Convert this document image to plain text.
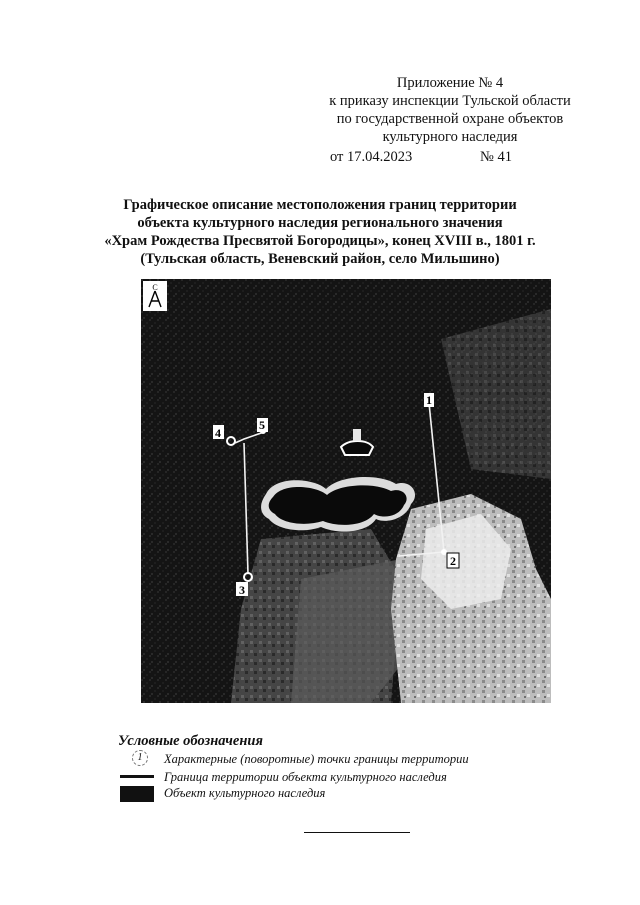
Приложение № 4
к приказу инспекции Тульской области
по государственной охране объектов
культурного наследия
от 17.04.2023	№ 41
Графическое описание местоположения границ территории
объекта культурного наследия регионального значения
«Храм Рождества Пресвятой Богородицы», конец XVIII в., 1801 г.
(Тульская область, Веневский район, село Мильшино)
1
2
3
4
5
С
Условные обозначения
1	Характерные (поворотные) точки границы территории
Граница территории объекта культурного наследия
Объект культурного наследия
